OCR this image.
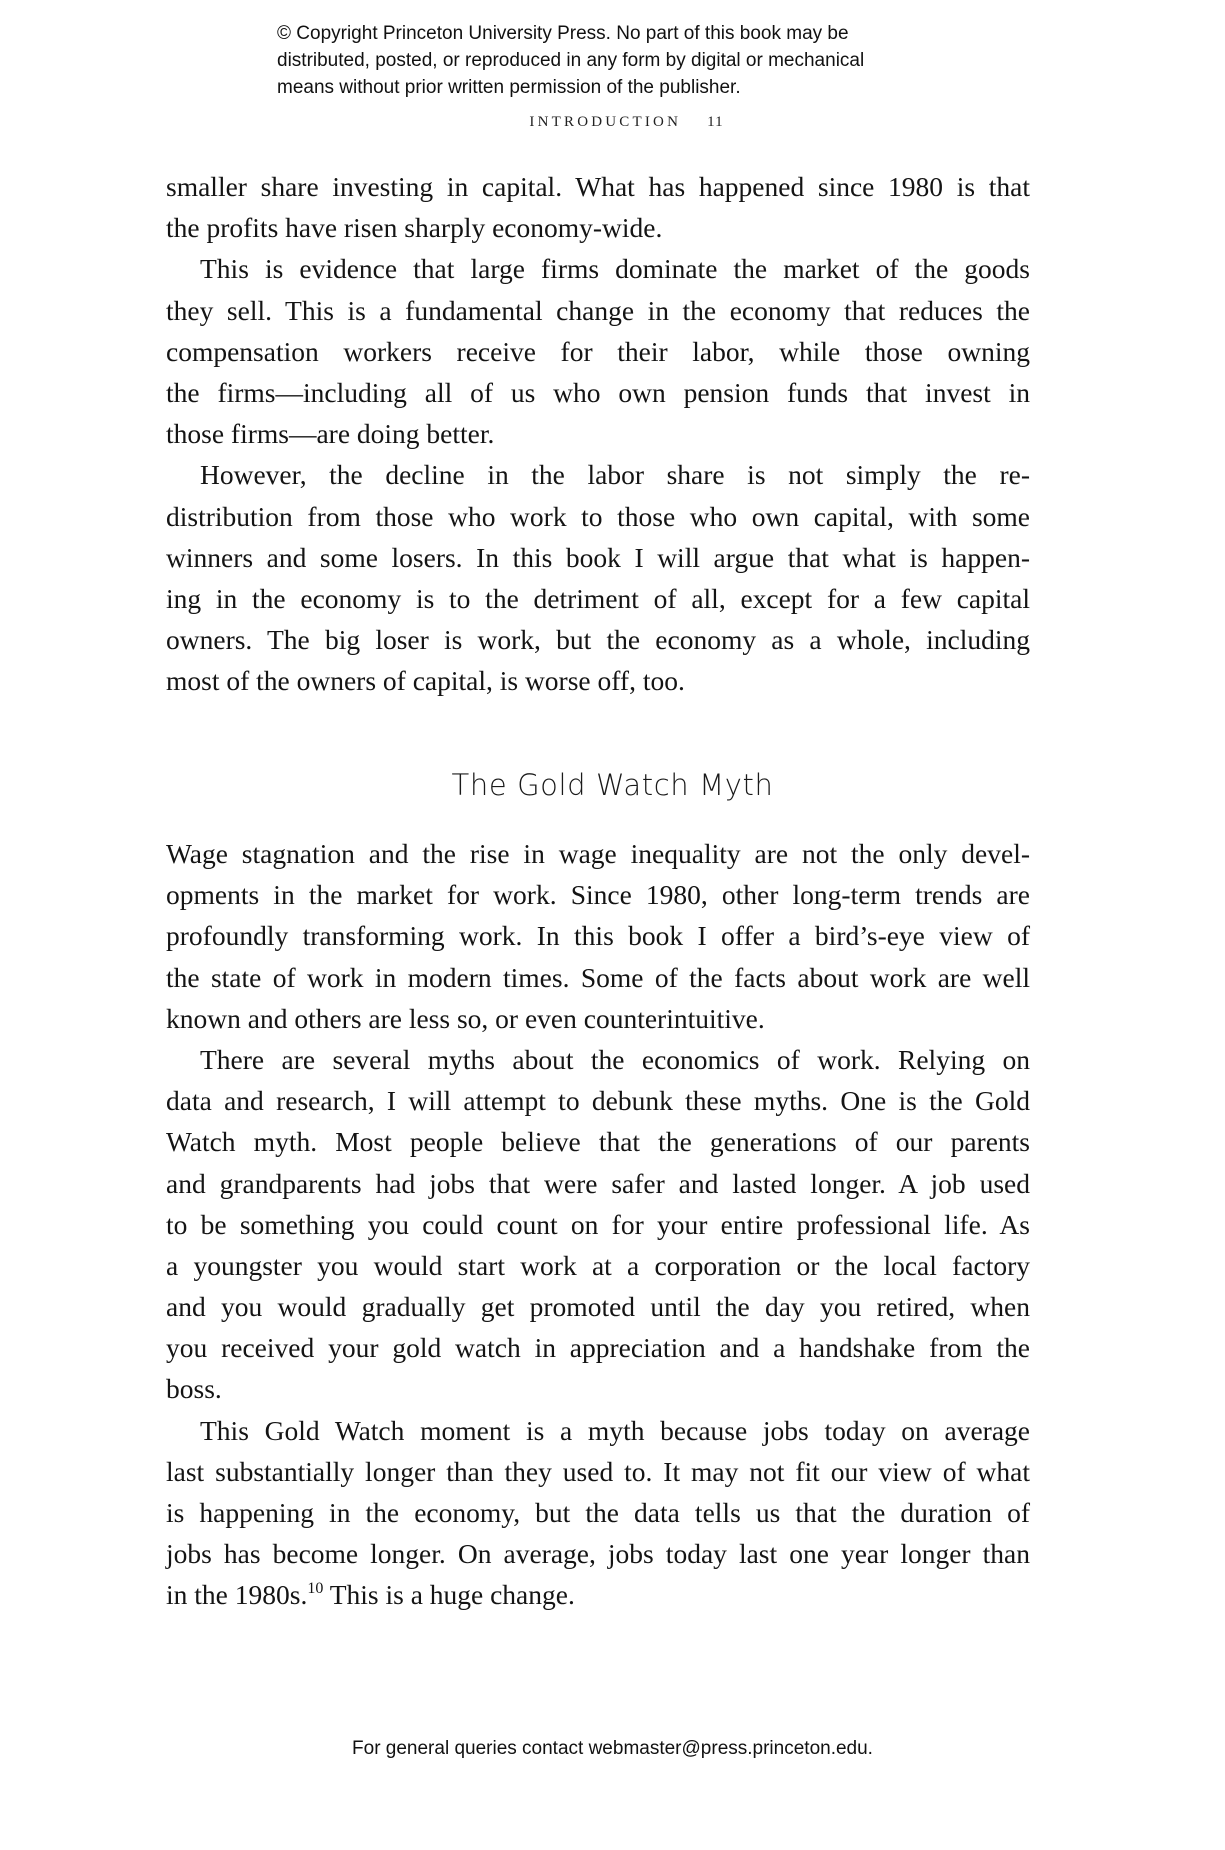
© Copyright Princeton University Press. No part of this book may be
distributed, posted, or reproduced in any form by digital or mechanical
means without prior written permission of the publisher.
INTRODUCTION 11
smaller share investing in capital. What has happened since 1980 is that
the profits have risen sharply economy-wide.
This is evidence that large firms dominate the market of the goods
they sell. This is a fundamental change in the economy that reduces the
compensation workers receive for their labor, while those owning
the firms—including all of us who own pension funds that invest in
those firms—are doing better.
However, the decline in the labor share is not simply the re-
distribution from those who work to those who own capital, with some
winners and some losers. In this book I will argue that what is happen-
ing in the economy is to the detriment of all, except for a few capital
owners. The big loser is work, but the economy as a whole, including
most of the owners of capital, is worse off, too.
The Gold Watch Myth
Wage stagnation and the rise in wage inequality are not the only devel-
opments in the market for work. Since 1980, other long-term trends are
profoundly transforming work. In this book I offer a bird’s-eye view of
the state of work in modern times. Some of the facts about work are well
known and others are less so, or even counterintuitive.
There are several myths about the economics of work. Relying on
data and research, I will attempt to debunk these myths. One is the Gold
Watch myth. Most people believe that the generations of our parents
and grandparents had jobs that were safer and lasted longer. A job used
to be something you could count on for your entire professional life. As
a youngster you would start work at a corporation or the local factory
and you would gradually get promoted until the day you retired, when
you received your gold watch in appreciation and a handshake from the
boss.
This Gold Watch moment is a myth because jobs today on average
last substantially longer than they used to. It may not fit our view of what
is happening in the economy, but the data tells us that the duration of
jobs has become longer. On average, jobs today last one year longer than
in the 1980s.$^{10}$ This is a huge change.
For general queries contact webmaster@press.princeton.edu.
